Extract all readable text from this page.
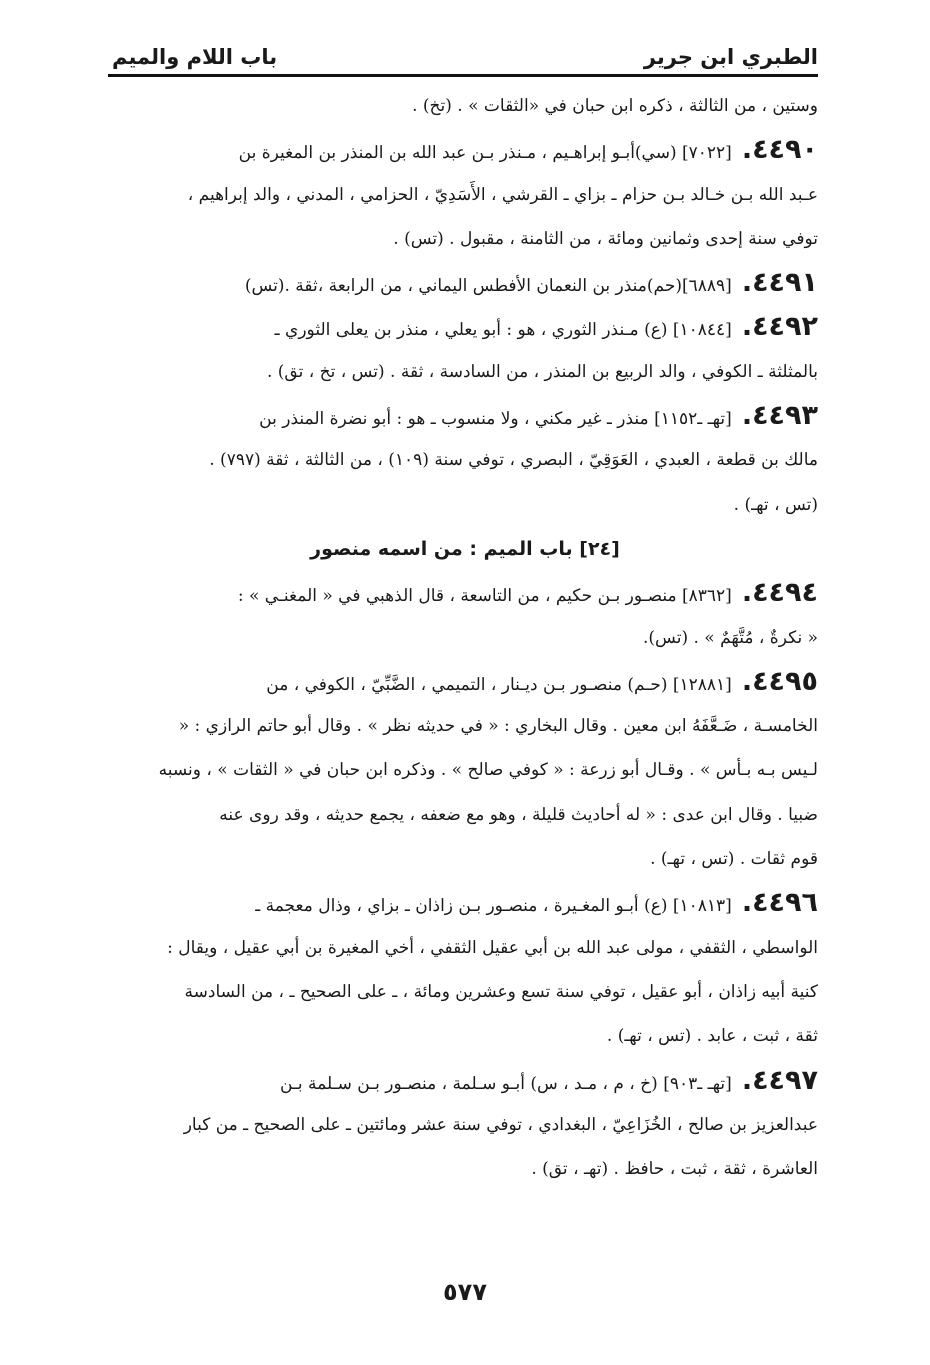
الطبري ابن جرير
باب اللام والميم

وستين ، من الثالثة ، ذكره ابن حبان في «الثقات » . (تخ) .

٤٤٩٠.[٧٠٢٢] (سي)أبـو إبراهـيم ، مـنذر بـن عبد الله بن المنذر بن المغيرة بن

عـبد الله بـن خـالد بـن حزام ـ بزاي ـ القرشي ، الأَسَدِيّ ، الحزامي ، المدني ، والد إبراهيم ،

توفي سنة إحدى وثمانين ومائة ، من الثامنة ، مقبول . (تس) .

٤٤٩١.[٦٨٨٩](حم)منذر بن النعمان الأفطس اليماني ، من الرابعة ،ثقة .(تس)

٤٤٩٢.[١٠٨٤٤] (ع) مـنذر الثوري ، هو : أبو يعلي ، منذر بن يعلى الثوري ـ

بالمثلثة ـ الكوفي ، والد الربيع بن المنذر ، من السادسة ، ثقة . (تس ، تخ ، تق) .

٤٤٩٣.[تهـ ـ١١٥٢] منذر ـ غير مكني ، ولا منسوب ـ هو : أبو نضرة المنذر بن

مالك بن قطعة ، العبدي ، العَوَقِيّ ، البصري ، توفي سنة (١٠٩) ، من الثالثة ، ثقة (٧٩٧) .

(تس ، تهـ) .

[٢٤] باب الميم : من اسمه منصور

٤٤٩٤.[٨٣٦٢] منصـور بـن حكيم ، من التاسعة ، قال الذهبي في « المغنـي » :

« نكرةٌ ، مُتَّهَمٌ » . (تس).

٤٤٩٥.[١٢٨٨١] (حـم) منصـور بـن ديـنار ، التميمي ، الضَّبِّيّ ، الكوفي ، من

الخامسـة ، ضَـعَّفَهُ ابن معين . وقال البخاري : « في حديثه نظر » . وقال أبو حاتم الرازي : «

لـيس بـه بـأس » . وقـال أبو زرعة : « كوفي صالح » . وذكره ابن حبان في « الثقات » ، ونسبه

ضبيا . وقال ابن عدى : « له أحاديث قليلة ، وهو مع ضعفه ، يجمع حديثه ، وقد روى عنه

قوم ثقات . (تس ، تهـ) .

٤٤٩٦.[١٠٨١٣] (ع) أبـو المغـيرة ، منصـور بـن زاذان ـ بزاي ، وذال معجمة ـ

الواسطي ، الثقفي ، مولى عبد الله بن أبي عقيل الثقفي ، أخي المغيرة بن أبي عقيل ، ويقال :

كنية أبيه زاذان ، أبو عقيل ، توفي سنة تسع وعشرين ومائة ، ـ على الصحيح ـ ، من السادسة

ثقة ، ثبت ، عابد . (تس ، تهـ) .

٤٤٩٧.[تهـ ـ٩٠٣] (خ ، م ، مـد ، س) أبـو سـلمة ، منصـور بـن سـلمة بـن

عبدالعزيز بن صالح ، الخُزَاعِيّ ، البغدادي ، توفي سنة عشر ومائتين ـ على الصحيح ـ من كبار

العاشرة ، ثقة ، ثبت ، حافظ . (تهـ ، تق) .

٥٧٧
